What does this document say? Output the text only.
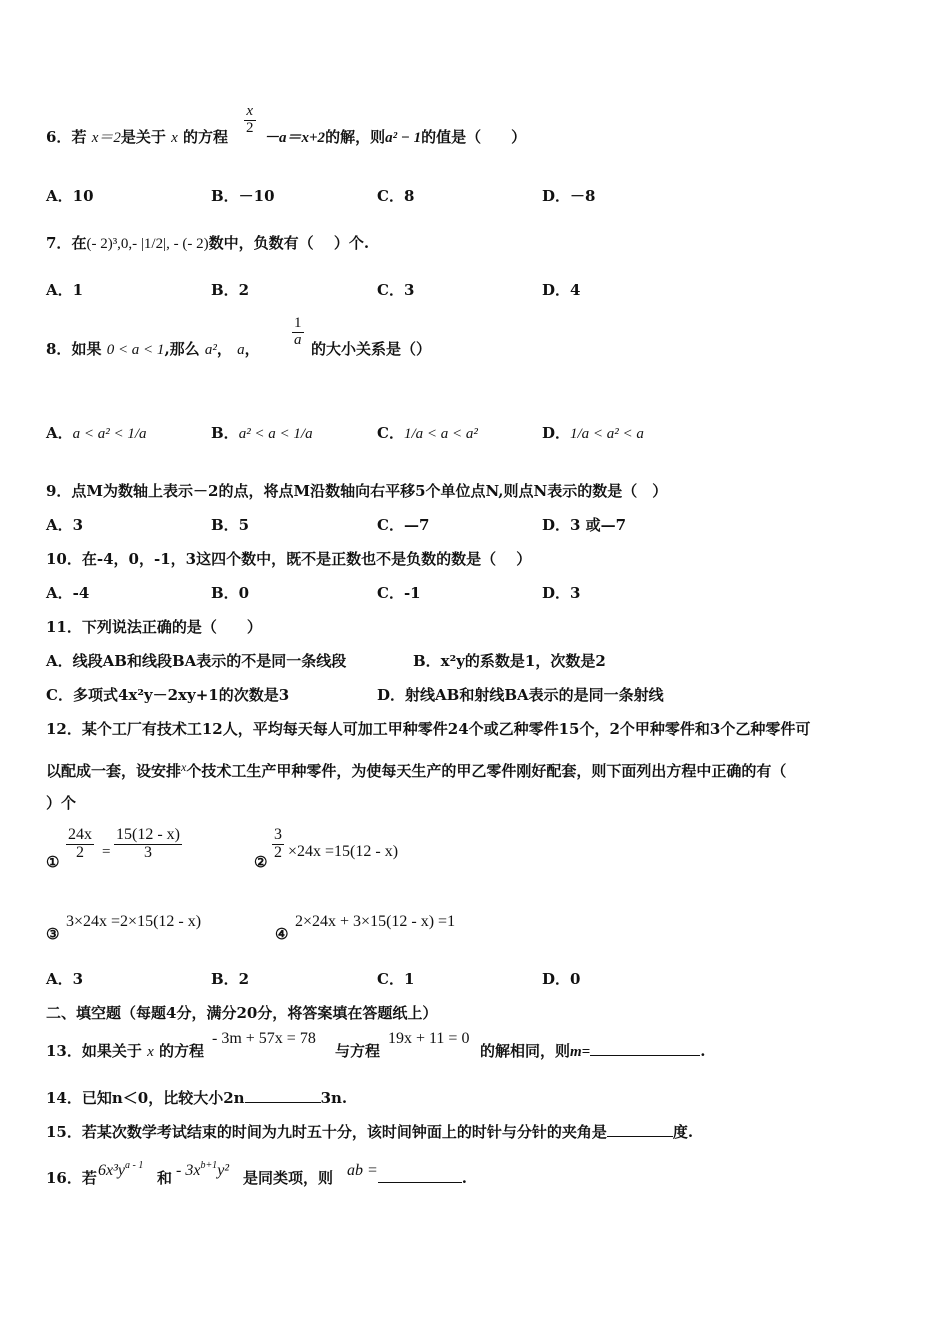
6．若 x＝2是关于 x 的方程
$\frac{x}{2}$
－a＝x+2的解，则a² − 1的值是（　　）
A．10	B．－10	C．8	D．－8
7．在(- 2)³,0,- |1/2|, - (- 2)数中，负数有（　 ）个.
A．1	B．2	C．3	D．4
8．如果 0 < a < 1,那么 a²， a，
$\frac{1}{a}$
的大小关系是（）
A．a < a² < 1/a	B．a² < a < 1/a	C．1/a < a < a²	D．1/a < a² < a
9．点M为数轴上表示－2的点，将点M沿数轴向右平移5个单位点N,则点N表示的数是（　）
A．3	B．5	C．—7	D．3 或—7
10．在-4，0，-1，3这四个数中，既不是正数也不是负数的数是（　 ）
A．-4	B．0	C．-1	D．3
11．下列说法正确的是（　　）
A．线段AB和线段BA表示的不是同一条线段	B．x²y的系数是1，次数是2
C．多项式4x²y－2xy+1的次数是3	D．射线AB和射线BA表示的是同一条射线
12．某个工厂有技术工12人，平均每天每人可加工甲种零件24个或乙种零件15个，2个甲种零件和3个乙种零件可
以配成一套，设安排$^x$个技术工生产甲种零件，为使每天生产的甲乙零件刚好配套，则下面列出方程中正确的有（
）个
①
$\frac{24x}{2} = \frac{15(12 - x)}{3}$
②
$\frac{3}{2} \times 24x =15(12 - x)$
③
3×24x =2×15(12 - x)
④
2×24x + 3×15(12 - x) =1
A．3	B．2	C．1	D．0
二、填空题（每题4分，满分20分，将答案填在答题纸上）
13．如果关于 x 的方程
- 3m + 57x = 78
与方程
19x + 11 = 0
的解相同，则m=	.
14．已知n＜0，比较大小2n	3n.
15．若某次数学考试结束的时间为九时五十分，该时间钟面上的时针与分针的夹角是	度.
16．若 $6x^3y^{a - 1}$
和 - $3x^{b+1}y^2$ 是同类项，则 ab =	.
